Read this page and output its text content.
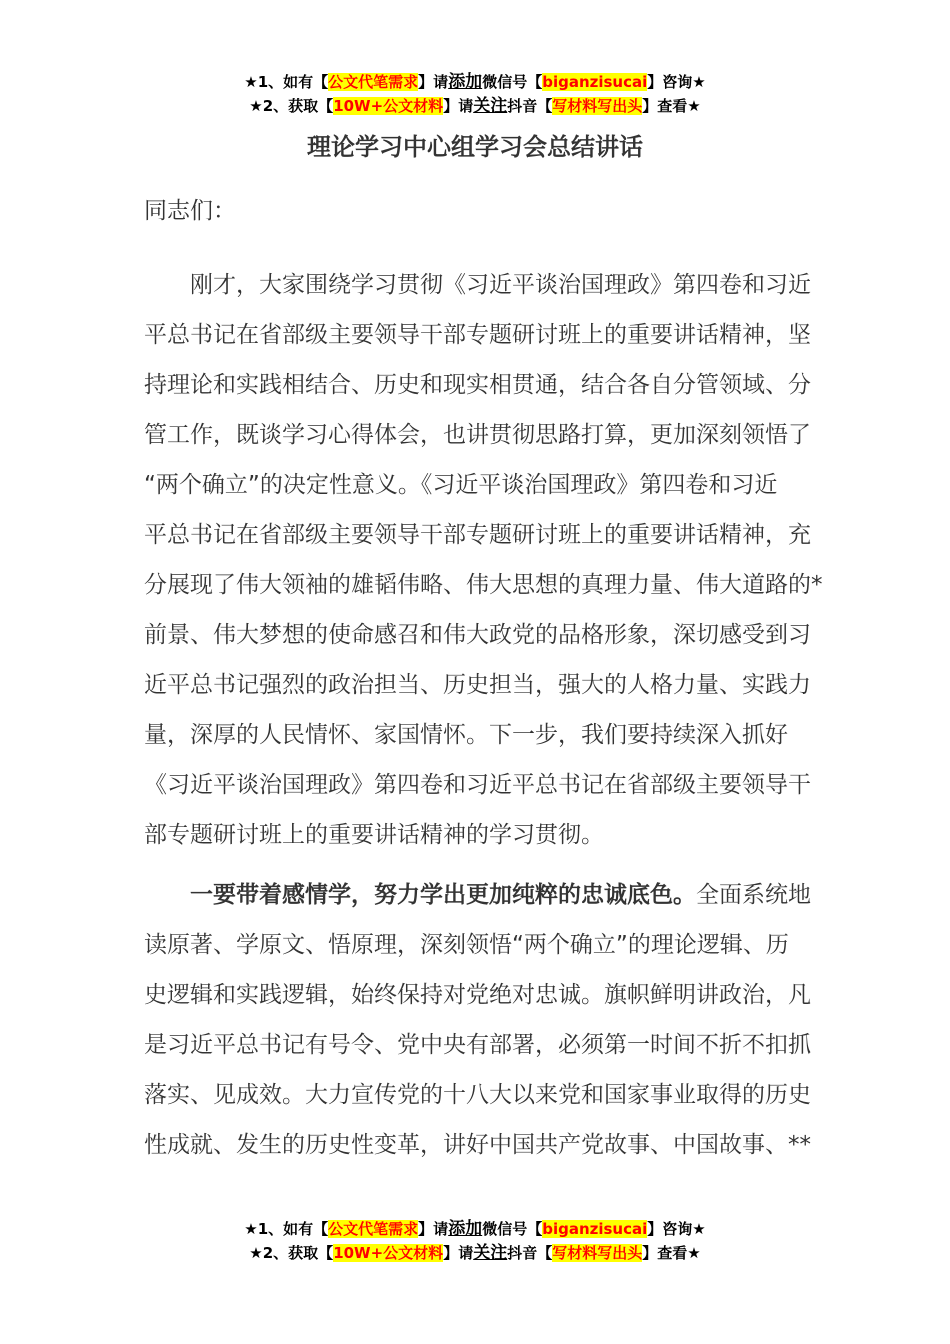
★1、如有【公文代笔需求】请添加微信号【biganzisucai】咨询★
★2、获取【10W+公文材料】请关注抖音【写材料写出头】查看★
理论学习中心组学习会总结讲话

同志们：

刚才，大家围绕学习贯彻《习近平谈治国理政》第四卷和习近
平总书记在省部级主要领导干部专题研讨班上的重要讲话精神，坚
持理论和实践相结合、历史和现实相贯通，结合各自分管领域、分
管工作，既谈学习心得体会，也讲贯彻思路打算，更加深刻领悟了
“两个确立”的决定性意义。《习近平谈治国理政》第四卷和习近
平总书记在省部级主要领导干部专题研讨班上的重要讲话精神，充
分展现了伟大领袖的雄韬伟略、伟大思想的真理力量、伟大道路的*
前景、伟大梦想的使命感召和伟大政党的品格形象，深切感受到习
近平总书记强烈的政治担当、历史担当，强大的人格力量、实践力
量，深厚的人民情怀、家国情怀。下一步，我们要持续深入抓好
《习近平谈治国理政》第四卷和习近平总书记在省部级主要领导干
部专题研讨班上的重要讲话精神的学习贯彻。

一要带着感情学，努力学出更加纯粹的忠诚底色。全面系统地
读原著、学原文、悟原理，深刻领悟“两个确立”的理论逻辑、历
史逻辑和实践逻辑，始终保持对党绝对忠诚。旗帜鲜明讲政治，凡
是习近平总书记有号令、党中央有部署，必须第一时间不折不扣抓
落实、见成效。大力宣传党的十八大以来党和国家事业取得的历史
性成就、发生的历史性变革，讲好中国共产党故事、中国故事、**

★1、如有【公文代笔需求】请添加微信号【biganzisucai】咨询★
★2、获取【10W+公文材料】请关注抖音【写材料写出头】查看★
